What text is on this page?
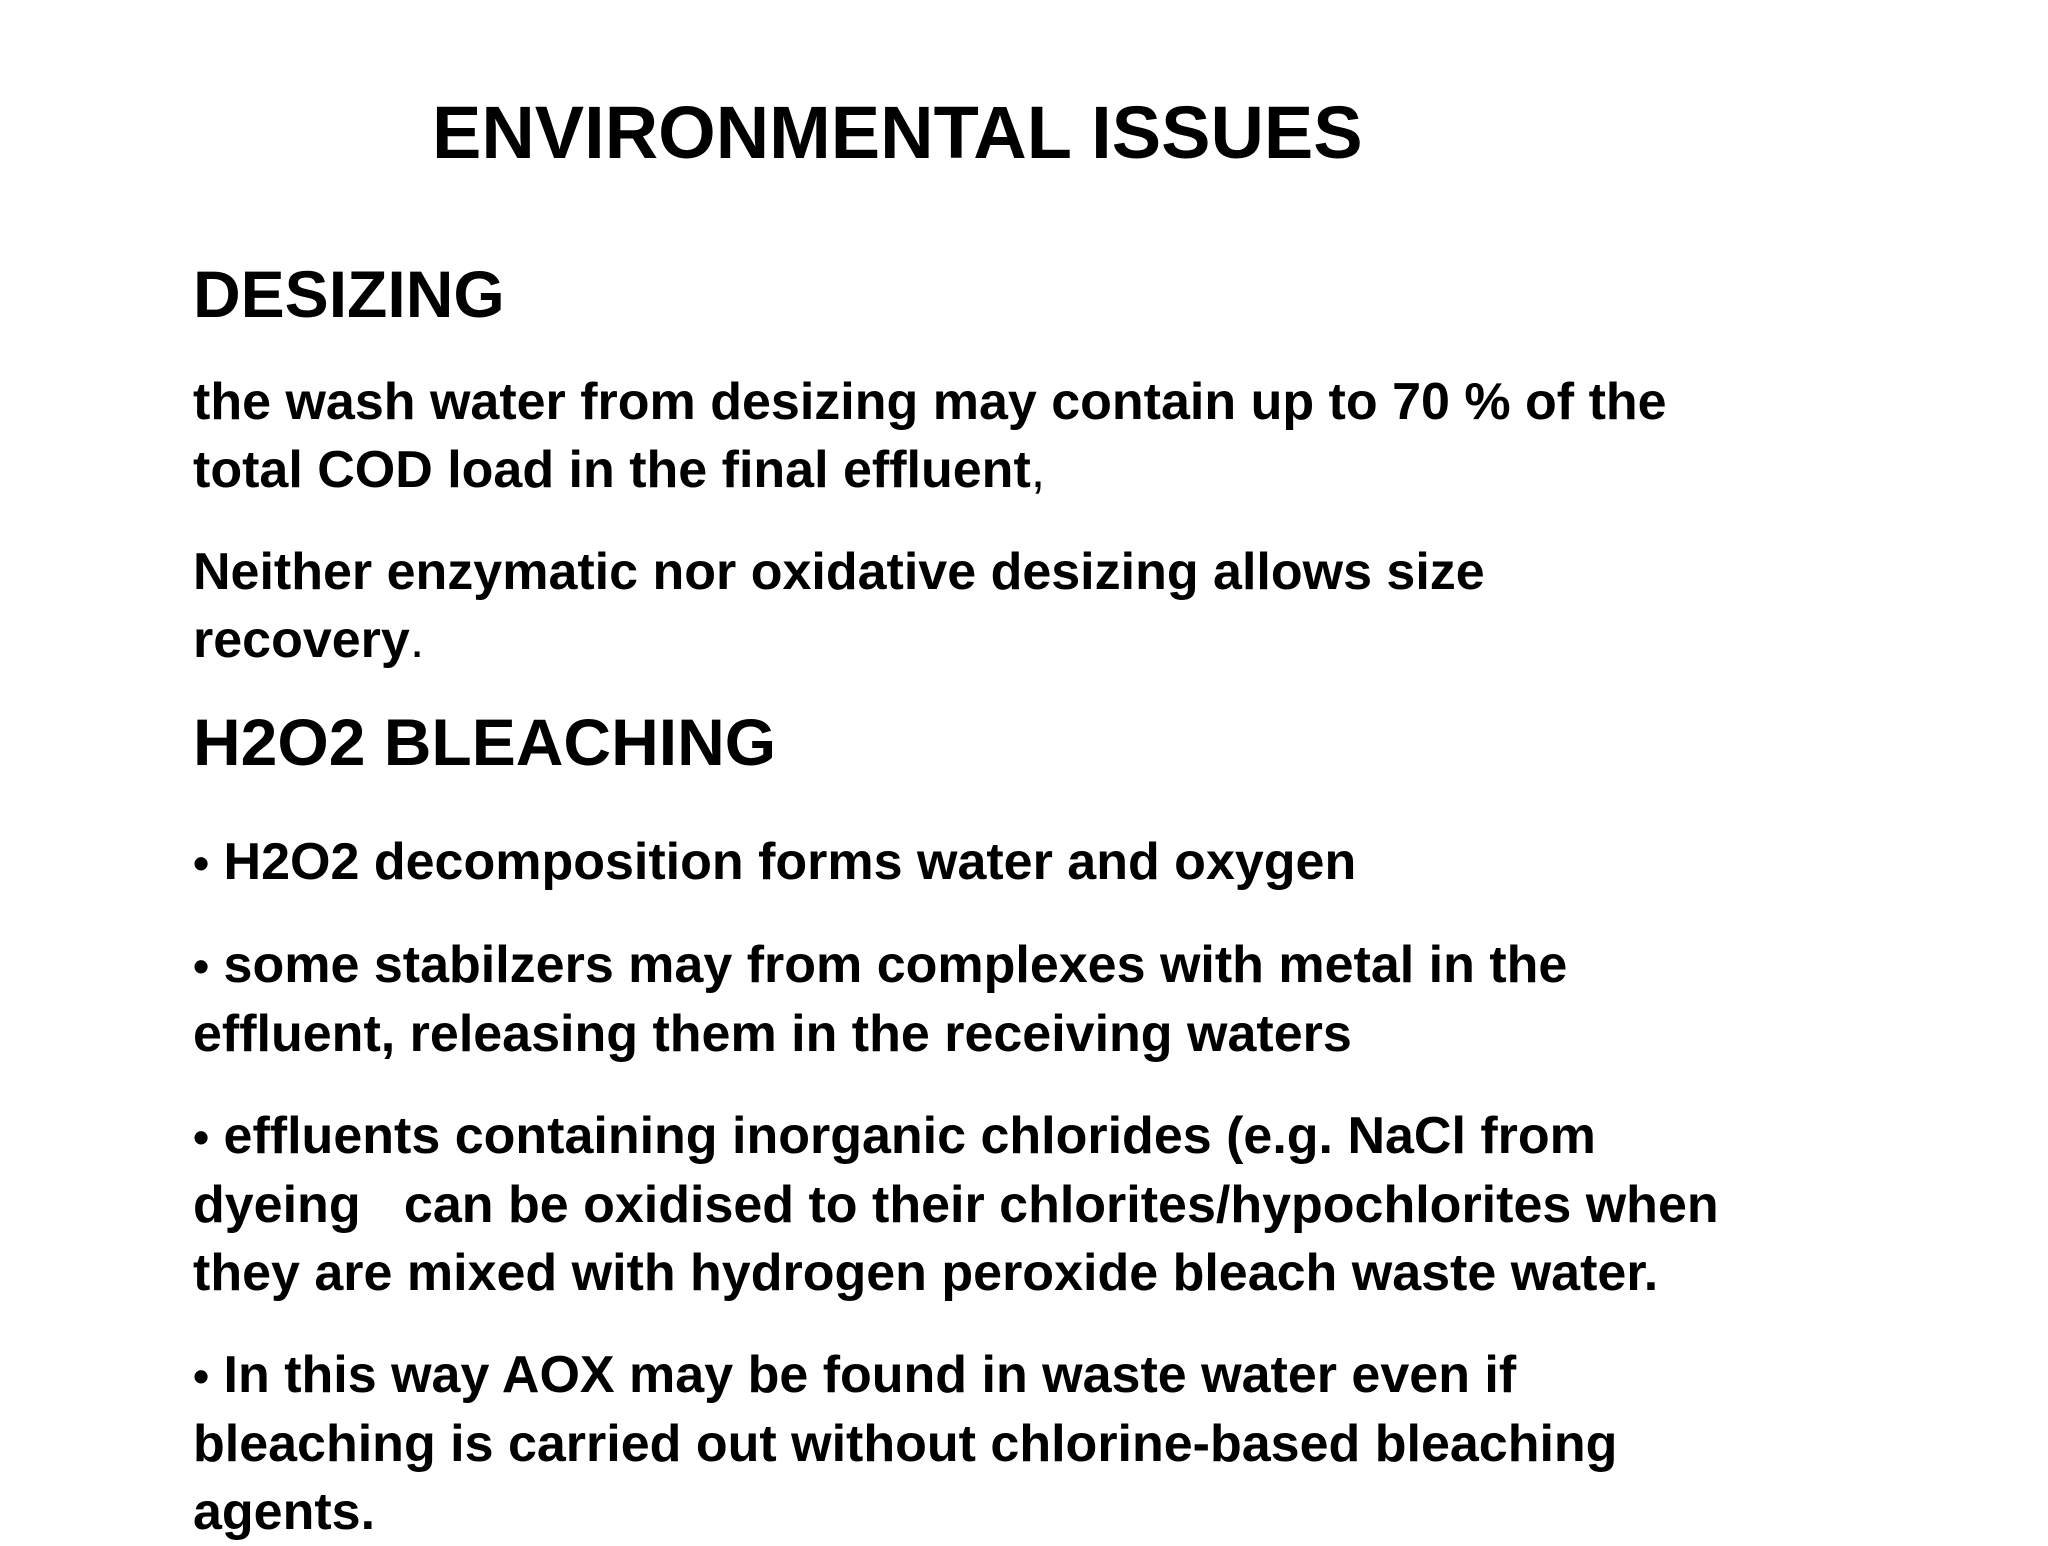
ENVIRONMENTAL ISSUES
DESIZING

the wash water from desizing may contain up to 70 % of the
total COD load in the final effluent,

Neither enzymatic nor oxidative desizing allows size
recovery.

H2O2 BLEACHING

• H2O2 decomposition forms water and oxygen

• some stabilzers may from complexes with metal in the
effluent, releasing them in the receiving waters

• effluents containing inorganic chlorides (e.g. NaCl from
dyeing   can be oxidised to their chlorites/hypochlorites when
they are mixed with hydrogen peroxide bleach waste water.

• In this way AOX may be found in waste water even if
bleaching is carried out without chlorine-based bleaching
agents.
